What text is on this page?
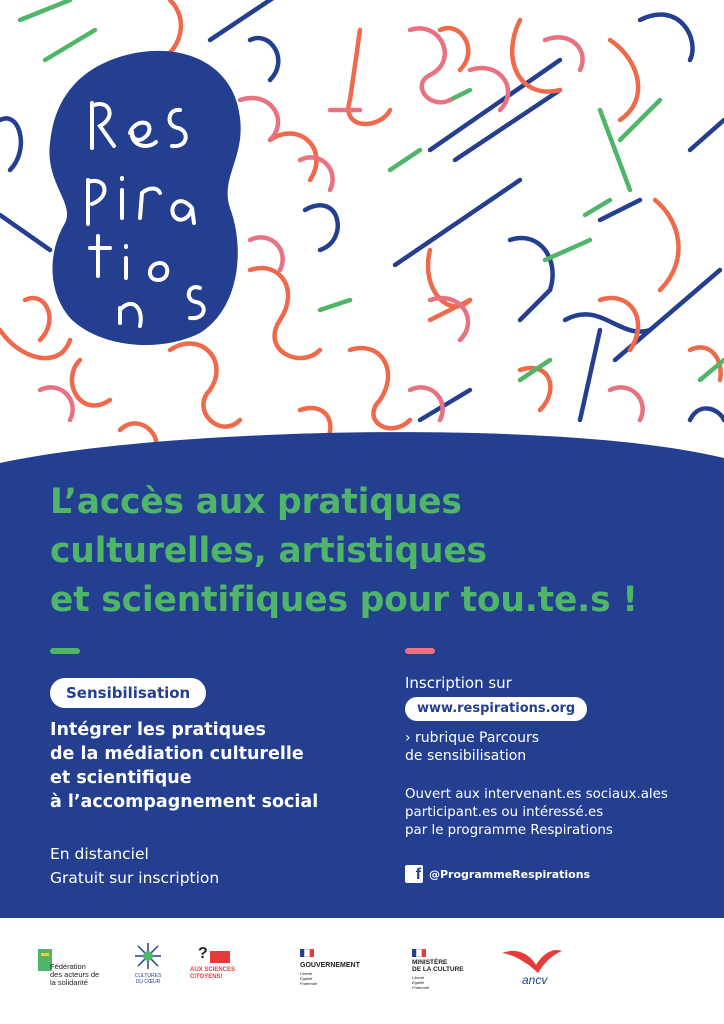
L’accès aux pratiques
culturelles, artistiques
et scientifiques pour tou.te.s !
Sensibilisation
Intégrer les pratiques
de la médiation culturelle
et scientifique
à l’accompagnement social
En distanciel
Gratuit sur inscription
Inscription sur
www.respirations.org
› rubrique Parcours
de sensibilisation
Ouvert aux intervenant.es sociaux.ales
participant.es ou intéressé.es
par le programme Respirations
f @ProgrammeRespirations
Fédération
des acteurs de
la solidarité
CULTURES
DU CŒUR
?
AUX SCIENCES
CITOYENS!
GOUVERNEMENT
Liberté
Égalité
Fraternité
MINISTÈRE
DE LA CULTURE
Liberté
Égalité
Fraternité
ancv
